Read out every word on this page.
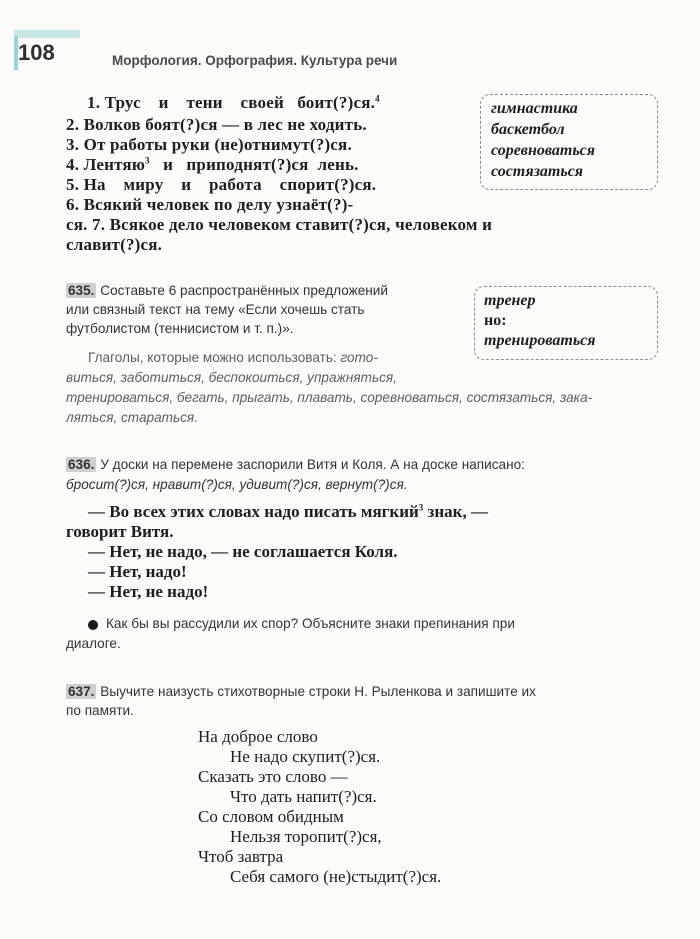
108	Морфология. Орфография. Культура речи
1. Трус    и    тени    своей   боит(?)ся.$^4$
2. Волков боят(?)ся — в лес не ходить.
3. От работы руки (не)отнимут(?)ся.
4. Лентяю$^3$   и   приподнят(?)ся  лень.
5. На    миру    и    работа    спорит(?)ся.
6. Всякий человек по делу узнаёт(?)-
ся. 7. Всякое дело человеком ставит(?)ся, человеком и
славит(?)ся.
гимнастика
баскетбол
соревноваться
состязаться
635. Составьте 6 распространённых предложений
или связный текст на тему «Если хочешь стать
футболистом (теннисистом и т. п.)».
тренер
но:
тренироваться
Глаголы, которые можно использовать: гото-
виться, заботиться, беспокоиться, упражняться,
тренироваться, бегать, прыгать, плавать, соревноваться, состязаться, зака-
ляться, стараться.
636. У доски на перемене заспорили Витя и Коля. А на доске написано:
бросит(?)ся, нравит(?)ся, удивит(?)ся, вернут(?)ся.
— Во всех этих словах надо писать мягкий$^3$ знак, —
говорит Витя.
— Нет, не надо, — не соглашается Коля.
— Нет, надо!
— Нет, не надо!
Как бы вы рассудили их спор? Объясните знаки препинания при
диалоге.
637. Выучите наизусть стихотворные строки Н. Рыленкова и запишите их
по памяти.
На доброе слово
Не надо скупит(?)ся.
Сказать это слово —
Что дать напит(?)ся.
Со словом обидным
Нельзя торопит(?)ся,
Чтоб завтра
Себя самого (не)стыдит(?)ся.
